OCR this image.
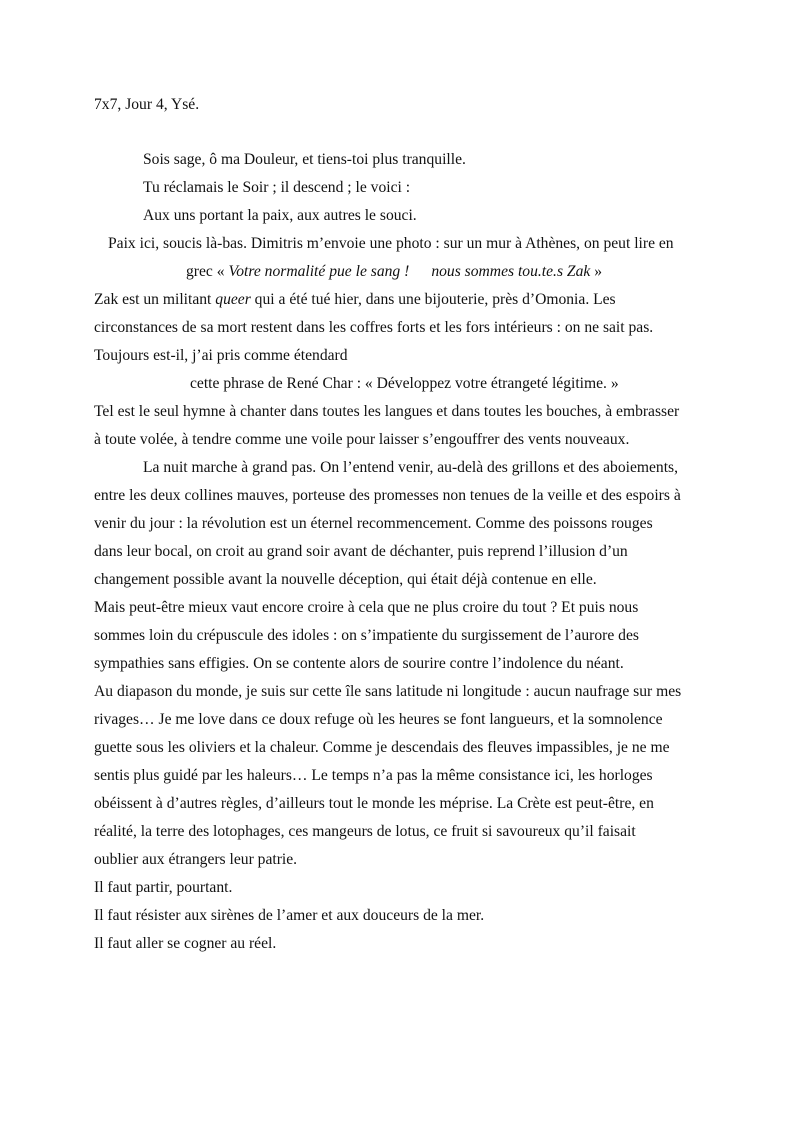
7x7, Jour 4, Ysé.
Sois sage, ô ma Douleur, et tiens-toi plus tranquille.
Tu réclamais le Soir ; il descend ; le voici :
Aux uns portant la paix, aux autres le souci.
Paix ici, soucis là-bas. Dimitris m’envoie une photo : sur un mur à Athènes, on peut lire en
grec « Votre normalité pue le sang ! nous sommes tou.te.s Zak »
Zak est un militant queer qui a été tué hier, dans une bijouterie, près d’Omonia. Les
circonstances de sa mort restent dans les coffres forts et les fors intérieurs : on ne sait pas.
Toujours est-il, j’ai pris comme étendard
cette phrase de René Char : « Développez votre étrangeté légitime. »
Tel est le seul hymne à chanter dans toutes les langues et dans toutes les bouches, à embrasser
à toute volée, à tendre comme une voile pour laisser s’engouffrer des vents nouveaux.
La nuit marche à grand pas. On l’entend venir, au-delà des grillons et des aboiements,
entre les deux collines mauves, porteuse des promesses non tenues de la veille et des espoirs à
venir du jour : la révolution est un éternel recommencement. Comme des poissons rouges
dans leur bocal, on croit au grand soir avant de déchanter, puis reprend l’illusion d’un
changement possible avant la nouvelle déception, qui était déjà contenue en elle.
Mais peut-être mieux vaut encore croire à cela que ne plus croire du tout ? Et puis nous
sommes loin du crépuscule des idoles : on s’impatiente du surgissement de l’aurore des
sympathies sans effigies. On se contente alors de sourire contre l’indolence du néant.
Au diapason du monde, je suis sur cette île sans latitude ni longitude : aucun naufrage sur mes
rivages… Je me love dans ce doux refuge où les heures se font langueurs, et la somnolence
guette sous les oliviers et la chaleur. Comme je descendais des fleuves impassibles, je ne me
sentis plus guidé par les haleurs… Le temps n’a pas la même consistance ici, les horloges
obéissent à d’autres règles, d’ailleurs tout le monde les méprise. La Crète est peut-être, en
réalité, la terre des lotophages, ces mangeurs de lotus, ce fruit si savoureux qu’il faisait
oublier aux étrangers leur patrie.
Il faut partir, pourtant.
Il faut résister aux sirènes de l’amer et aux douceurs de la mer.
Il faut aller se cogner au réel.
